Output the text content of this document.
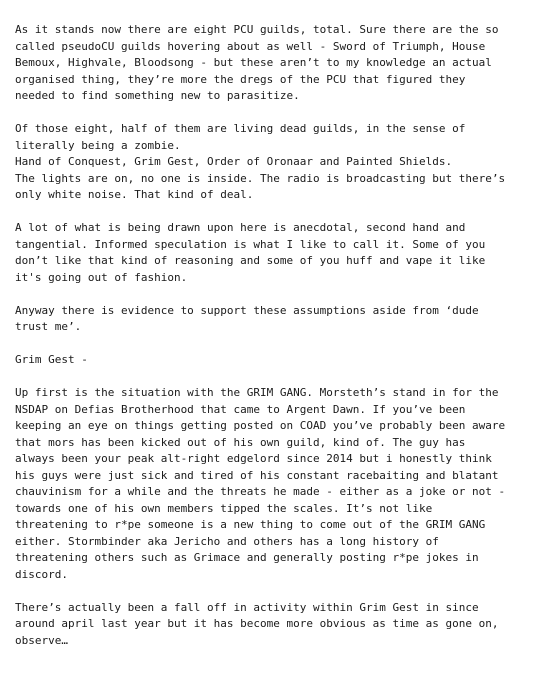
As it stands now there are eight PCU guilds, total. Sure there are the so
called pseudoCU guilds hovering about as well - Sword of Triumph, House
Bemoux, Highvale, Bloodsong - but these aren’t to my knowledge an actual
organised thing, they’re more the dregs of the PCU that figured they
needed to find something new to parasitize.
Of those eight, half of them are living dead guilds, in the sense of
literally being a zombie.
Hand of Conquest, Grim Gest, Order of Oronaar and Painted Shields.
The lights are on, no one is inside. The radio is broadcasting but there’s
only white noise. That kind of deal.
A lot of what is being drawn upon here is anecdotal, second hand and
tangential. Informed speculation is what I like to call it. Some of you
don’t like that kind of reasoning and some of you huff and vape it like
it's going out of fashion.
Anyway there is evidence to support these assumptions aside from ‘dude
trust me’.
Grim Gest -
Up first is the situation with the GRIM GANG. Morsteth’s stand in for the
NSDAP on Defias Brotherhood that came to Argent Dawn. If you’ve been
keeping an eye on things getting posted on COAD you’ve probably been aware
that mors has been kicked out of his own guild, kind of. The guy has
always been your peak alt-right edgelord since 2014 but i honestly think
his guys were just sick and tired of his constant racebaiting and blatant
chauvinism for a while and the threats he made - either as a joke or not -
towards one of his own members tipped the scales. It’s not like
threatening to r*pe someone is a new thing to come out of the GRIM GANG
either. Stormbinder aka Jericho and others has a long history of
threatening others such as Grimace and generally posting r*pe jokes in
discord.
There’s actually been a fall off in activity within Grim Gest in since
around april last year but it has become more obvious as time as gone on,
observe…
